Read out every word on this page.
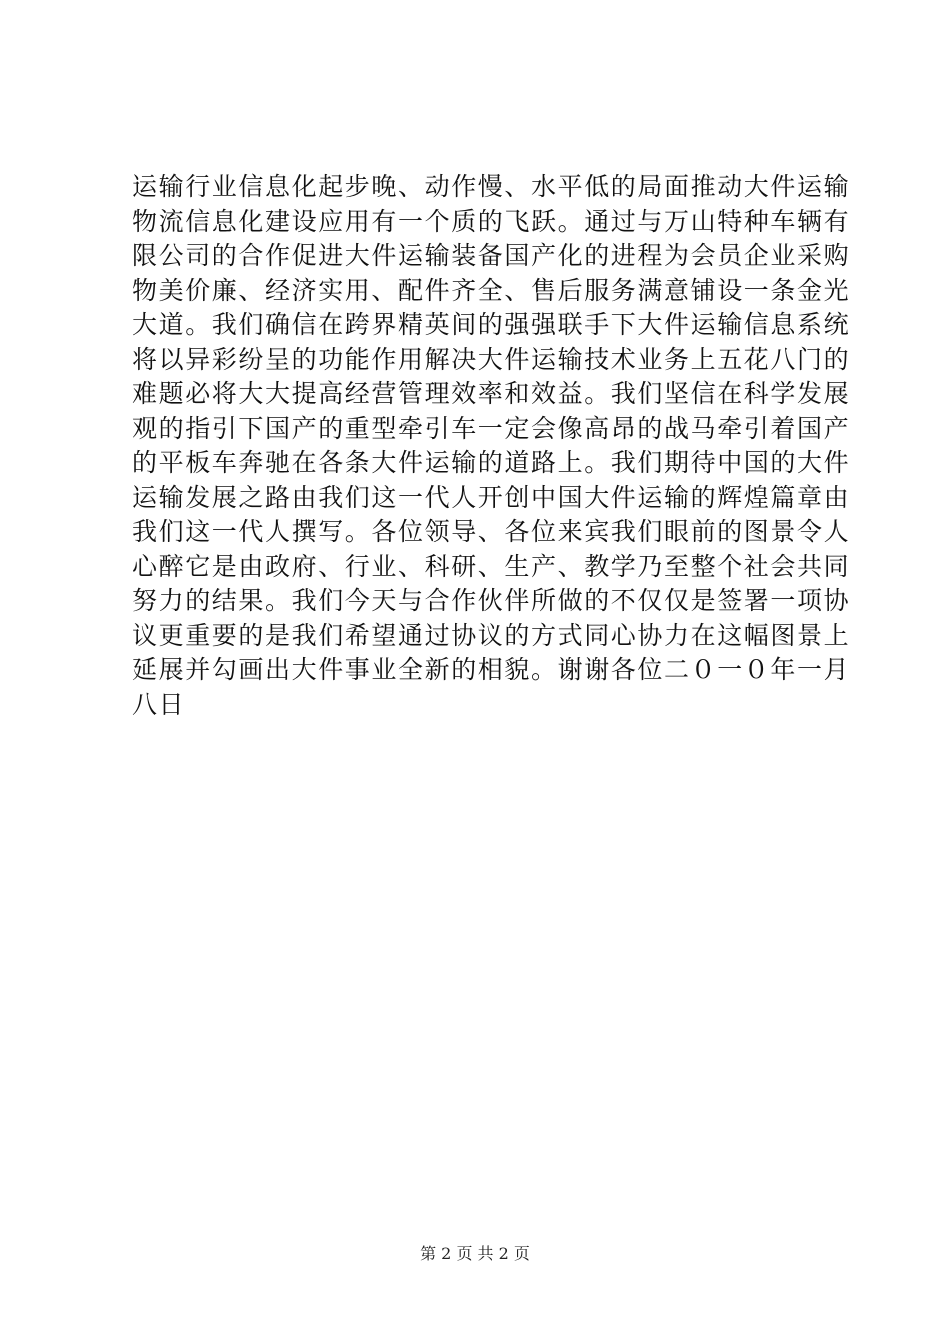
运输行业信息化起步晚、动作慢、水平低的局面推动大件运输
物流信息化建设应用有一个质的飞跃。通过与万山特种车辆有
限公司的合作促进大件运输装备国产化的进程为会员企业采购
物美价廉、经济实用、配件齐全、售后服务满意铺设一条金光
大道。我们确信在跨界精英间的强强联手下大件运输信息系统
将以异彩纷呈的功能作用解决大件运输技术业务上五花八门的
难题必将大大提高经营管理效率和效益。我们坚信在科学发展
观的指引下国产的重型牵引车一定会像高昂的战马牵引着国产
的平板车奔驰在各条大件运输的道路上。我们期待中国的大件
运输发展之路由我们这一代人开创中国大件运输的辉煌篇章由
我们这一代人撰写。各位领导、各位来宾我们眼前的图景令人
心醉它是由政府、行业、科研、生产、教学乃至整个社会共同
努力的结果。我们今天与合作伙伴所做的不仅仅是签署一项协
议更重要的是我们希望通过协议的方式同心协力在这幅图景上
延展并勾画出大件事业全新的相貌。谢谢各位二０一０年一月
八日
第 2 页 共 2 页
